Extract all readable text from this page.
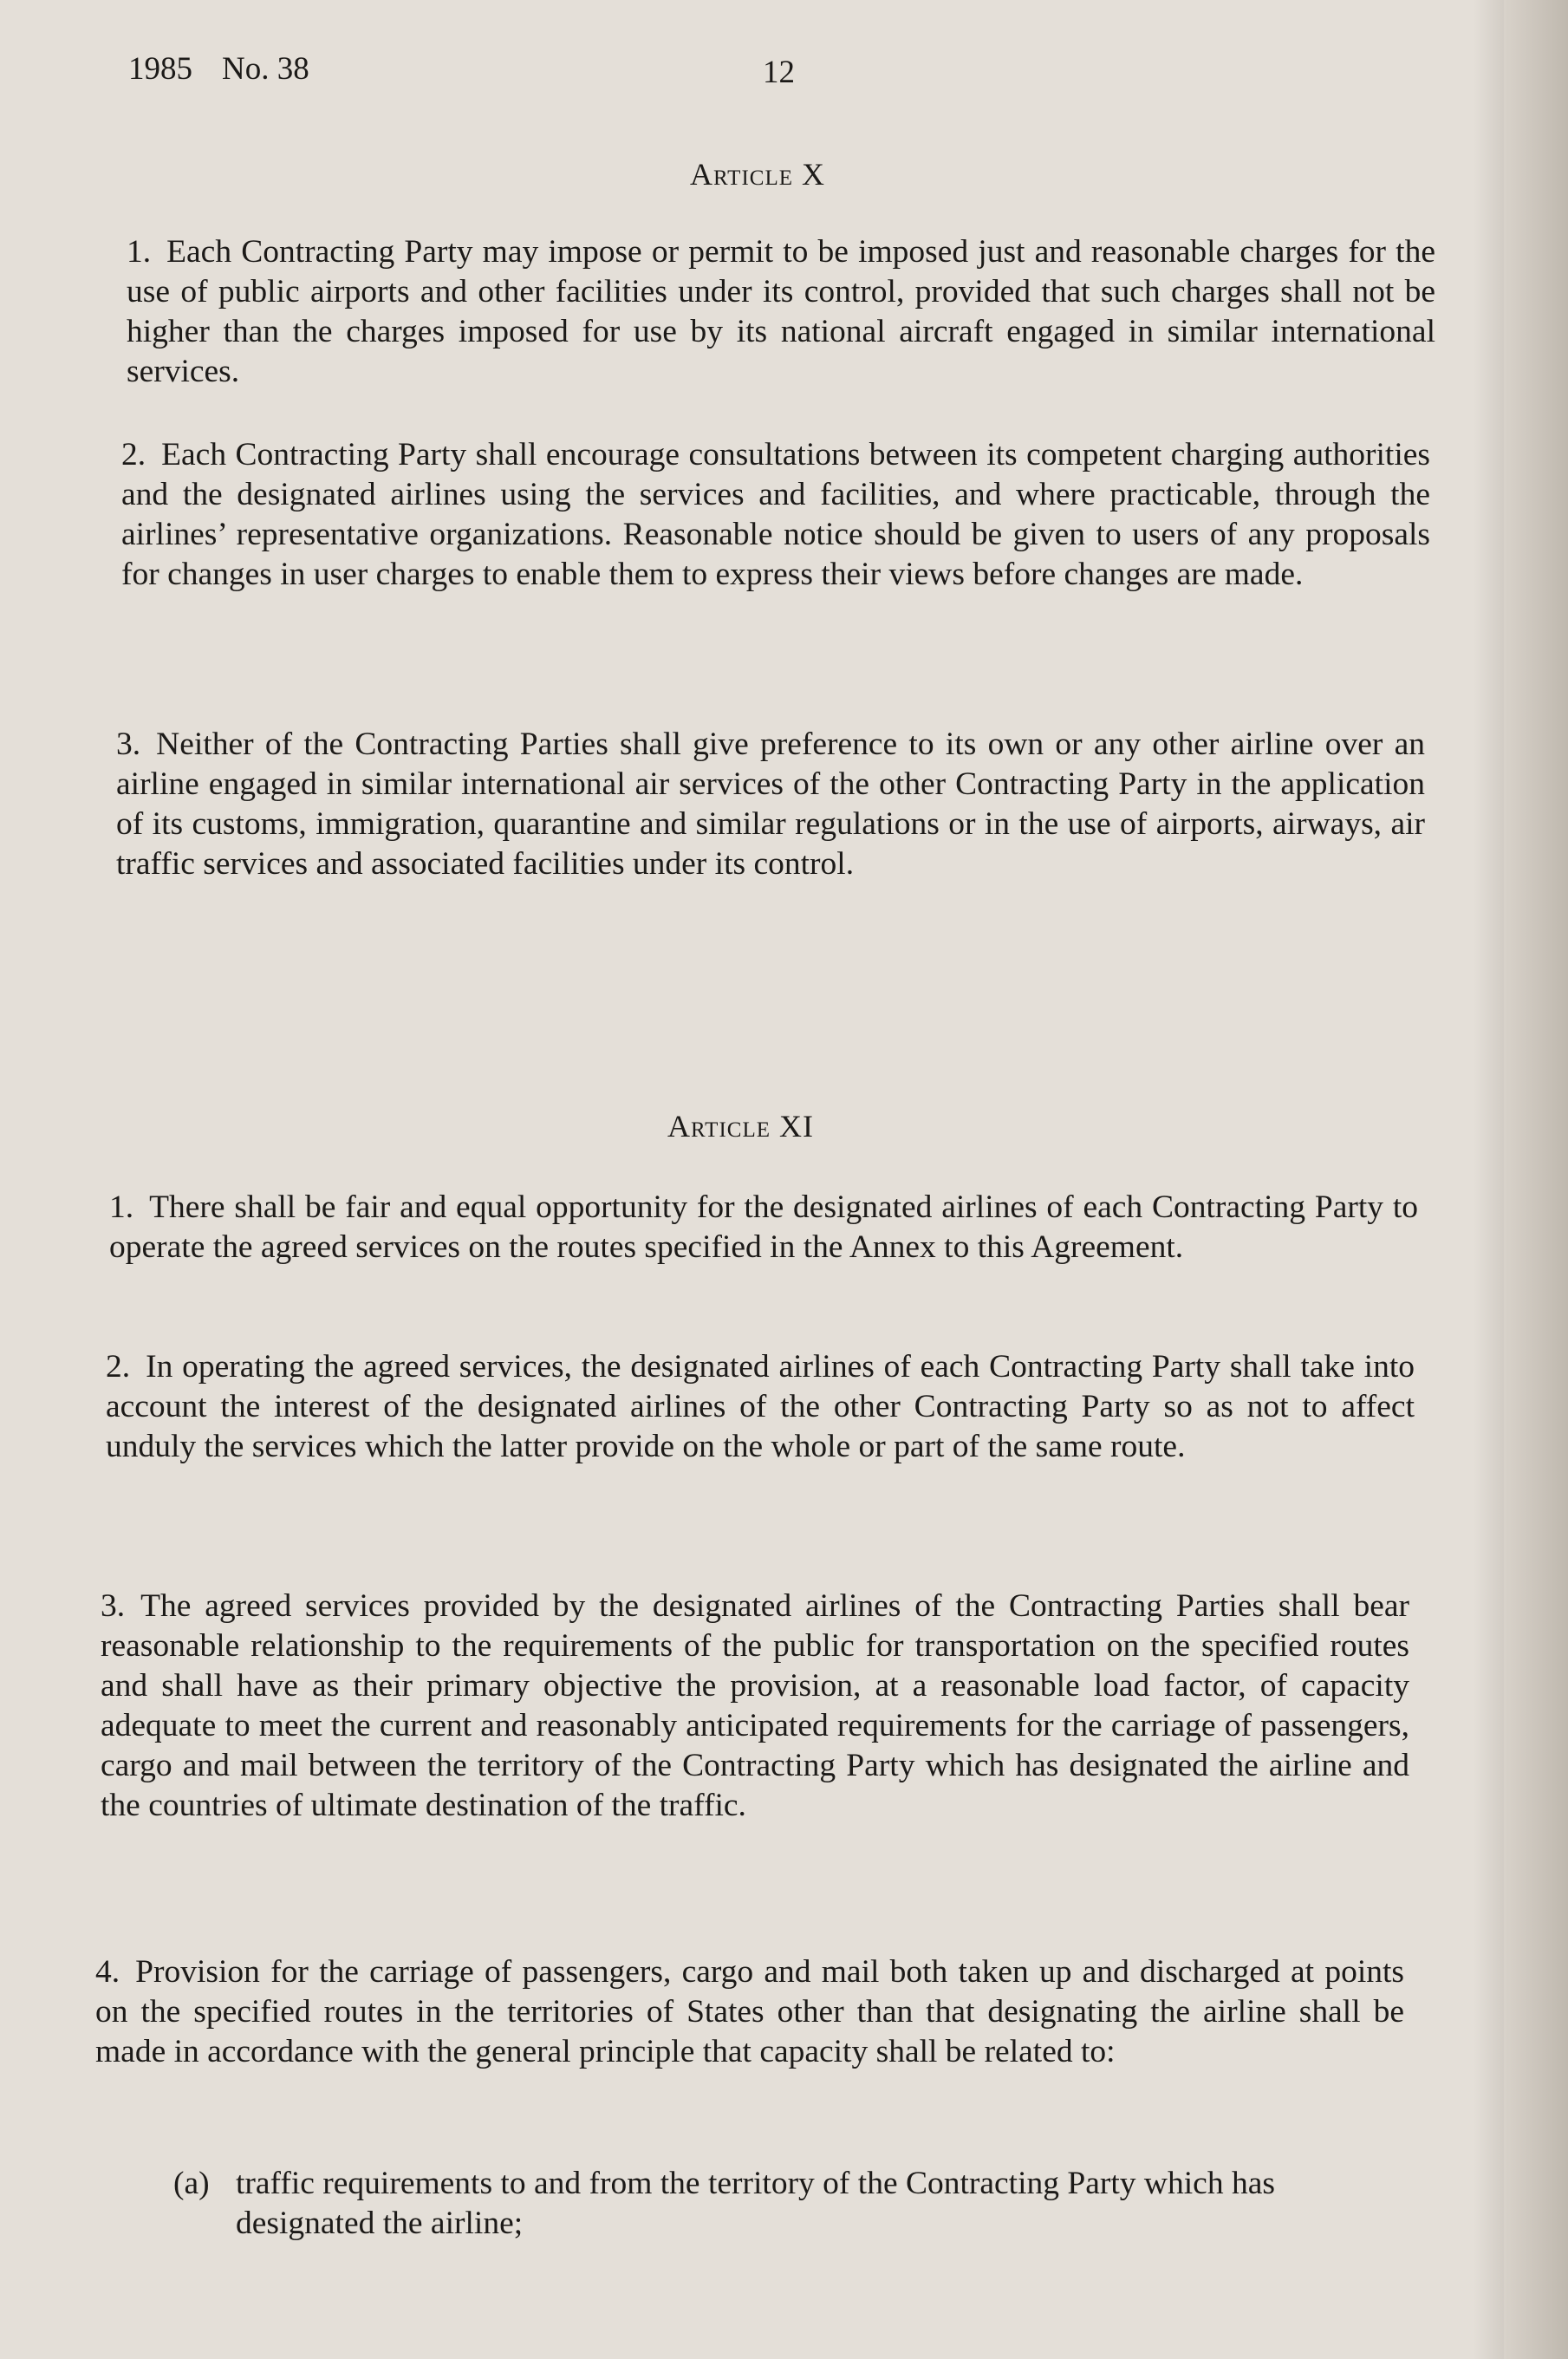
1985 No. 38	12
Article X
1. Each Contracting Party may impose or permit to be imposed just and reasonable charges for the use of public airports and other facilities under its control, provided that such charges shall not be higher than the charges imposed for use by its national aircraft engaged in similar international services.
2. Each Contracting Party shall encourage consultations between its competent charging authorities and the designated airlines using the services and facilities, and where practicable, through the airlines’ representative organizations. Reasonable notice should be given to users of any proposals for changes in user charges to enable them to express their views before changes are made.
3. Neither of the Contracting Parties shall give preference to its own or any other airline over an airline engaged in similar international air services of the other Contracting Party in the application of its customs, immigration, quarantine and similar regulations or in the use of airports, airways, air traffic services and associated facilities under its control.
Article XI
1. There shall be fair and equal opportunity for the designated airlines of each Contracting Party to operate the agreed services on the routes specified in the Annex to this Agreement.
2. In operating the agreed services, the designated airlines of each Contracting Party shall take into account the interest of the designated airlines of the other Contracting Party so as not to affect unduly the services which the latter provide on the whole or part of the same route.
3. The agreed services provided by the designated airlines of the Contracting Parties shall bear reasonable relationship to the requirements of the public for transportation on the specified routes and shall have as their primary objective the provision, at a reasonable load factor, of capacity adequate to meet the current and reasonably anticipated requirements for the carriage of passengers, cargo and mail between the territory of the Contracting Party which has designated the airline and the countries of ultimate destination of the traffic.
4. Provision for the carriage of passengers, cargo and mail both taken up and discharged at points on the specified routes in the territories of States other than that designating the airline shall be made in accordance with the general principle that capacity shall be related to:
(a) traffic requirements to and from the territory of the Contracting Party which has designated the airline;
